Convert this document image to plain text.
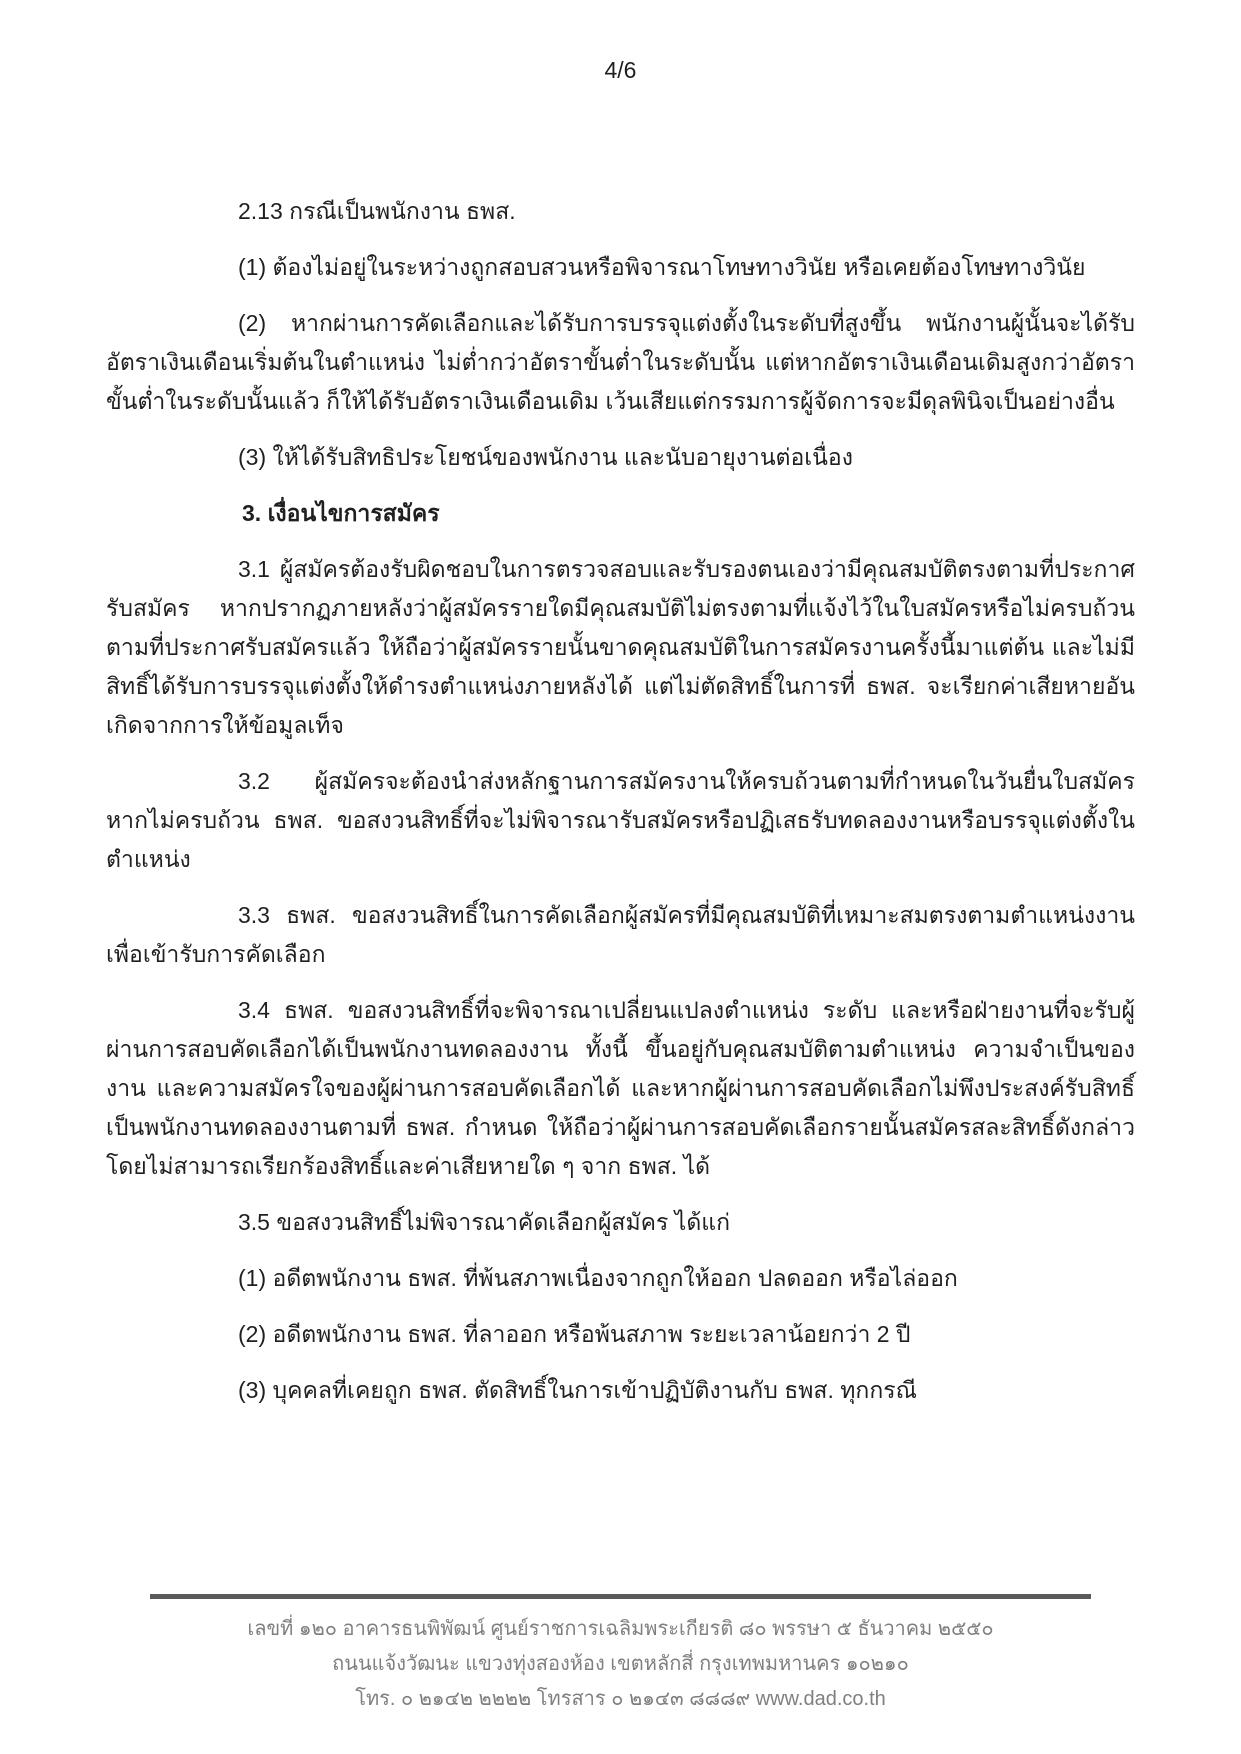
4/6

2.13 กรณีเป็นพนักงาน ธพส.

(1) ต้องไม่อยู่ในระหว่างถูกสอบสวนหรือพิจารณาโทษทางวินัย หรือเคยต้องโทษทางวินัย

(2) หากผ่านการคัดเลือกและได้รับการบรรจุแต่งตั้งในระดับที่สูงขึ้น พนักงานผู้นั้นจะได้รับอัตราเงินเดือนเริ่มต้นในตำแหน่ง ไม่ต่ำกว่าอัตราขั้นต่ำในระดับนั้น แต่หากอัตราเงินเดือนเดิมสูงกว่าอัตราขั้นต่ำในระดับนั้นแล้ว ก็ให้ได้รับอัตราเงินเดือนเดิม เว้นเสียแต่กรรมการผู้จัดการจะมีดุลพินิจเป็นอย่างอื่น

(3) ให้ได้รับสิทธิประโยชน์ของพนักงาน และนับอายุงานต่อเนื่อง

3. เงื่อนไขการสมัคร

3.1 ผู้สมัครต้องรับผิดชอบในการตรวจสอบและรับรองตนเองว่ามีคุณสมบัติตรงตามที่ประกาศรับสมัคร หากปรากฏภายหลังว่าผู้สมัครรายใดมีคุณสมบัติไม่ตรงตามที่แจ้งไว้ในใบสมัครหรือไม่ครบถ้วนตามที่ประกาศรับสมัครแล้ว ให้ถือว่าผู้สมัครรายนั้นขาดคุณสมบัติในการสมัครงานครั้งนี้มาแต่ต้น และไม่มีสิทธิ์ได้รับการบรรจุแต่งตั้งให้ดำรงตำแหน่งภายหลังได้ แต่ไม่ตัดสิทธิ์ในการที่ ธพส. จะเรียกค่าเสียหายอันเกิดจากการให้ข้อมูลเท็จ

3.2 ผู้สมัครจะต้องนำส่งหลักฐานการสมัครงานให้ครบถ้วนตามที่กำหนดในวันยื่นใบสมัคร หากไม่ครบถ้วน ธพส. ขอสงวนสิทธิ์ที่จะไม่พิจารณารับสมัครหรือปฏิเสธรับทดลองงานหรือบรรจุแต่งตั้งในตำแหน่ง

3.3 ธพส. ขอสงวนสิทธิ์ในการคัดเลือกผู้สมัครที่มีคุณสมบัติที่เหมาะสมตรงตามตำแหน่งงานเพื่อเข้ารับการคัดเลือก

3.4 ธพส. ขอสงวนสิทธิ์ที่จะพิจารณาเปลี่ยนแปลงตำแหน่ง ระดับ และหรือฝ่ายงานที่จะรับผู้ผ่านการสอบคัดเลือกได้เป็นพนักงานทดลองงาน ทั้งนี้ ขึ้นอยู่กับคุณสมบัติตามตำแหน่ง ความจำเป็นของงาน และความสมัครใจของผู้ผ่านการสอบคัดเลือกได้ และหากผู้ผ่านการสอบคัดเลือกไม่พึงประสงค์รับสิทธิ์เป็นพนักงานทดลองงานตามที่ ธพส. กำหนด ให้ถือว่าผู้ผ่านการสอบคัดเลือกรายนั้นสมัครสละสิทธิ์ดังกล่าว โดยไม่สามารถเรียกร้องสิทธิ์และค่าเสียหายใด ๆ จาก ธพส. ได้

3.5 ขอสงวนสิทธิ์ไม่พิจารณาคัดเลือกผู้สมัคร ได้แก่

(1) อดีตพนักงาน ธพส. ที่พ้นสภาพเนื่องจากถูกให้ออก ปลดออก หรือไล่ออก

(2) อดีตพนักงาน ธพส. ที่ลาออก หรือพ้นสภาพ ระยะเวลาน้อยกว่า 2 ปี

(3) บุคคลที่เคยถูก ธพส. ตัดสิทธิ์ในการเข้าปฏิบัติงานกับ ธพส. ทุกกรณี

เลขที่ ๑๒๐ อาคารธนพิพัฒน์ ศูนย์ราชการเฉลิมพระเกียรติ ๘๐ พรรษา ๕ ธันวาคม ๒๕๕๐

ถนนแจ้งวัฒนะ แขวงทุ่งสองห้อง เขตหลักสี่ กรุงเทพมหานคร ๑๐๒๑๐

โทร. ๐ ๒๑๔๒ ๒๒๒๒ โทรสาร ๐ ๒๑๔๓ ๘๘๘๙ www.dad.co.th
